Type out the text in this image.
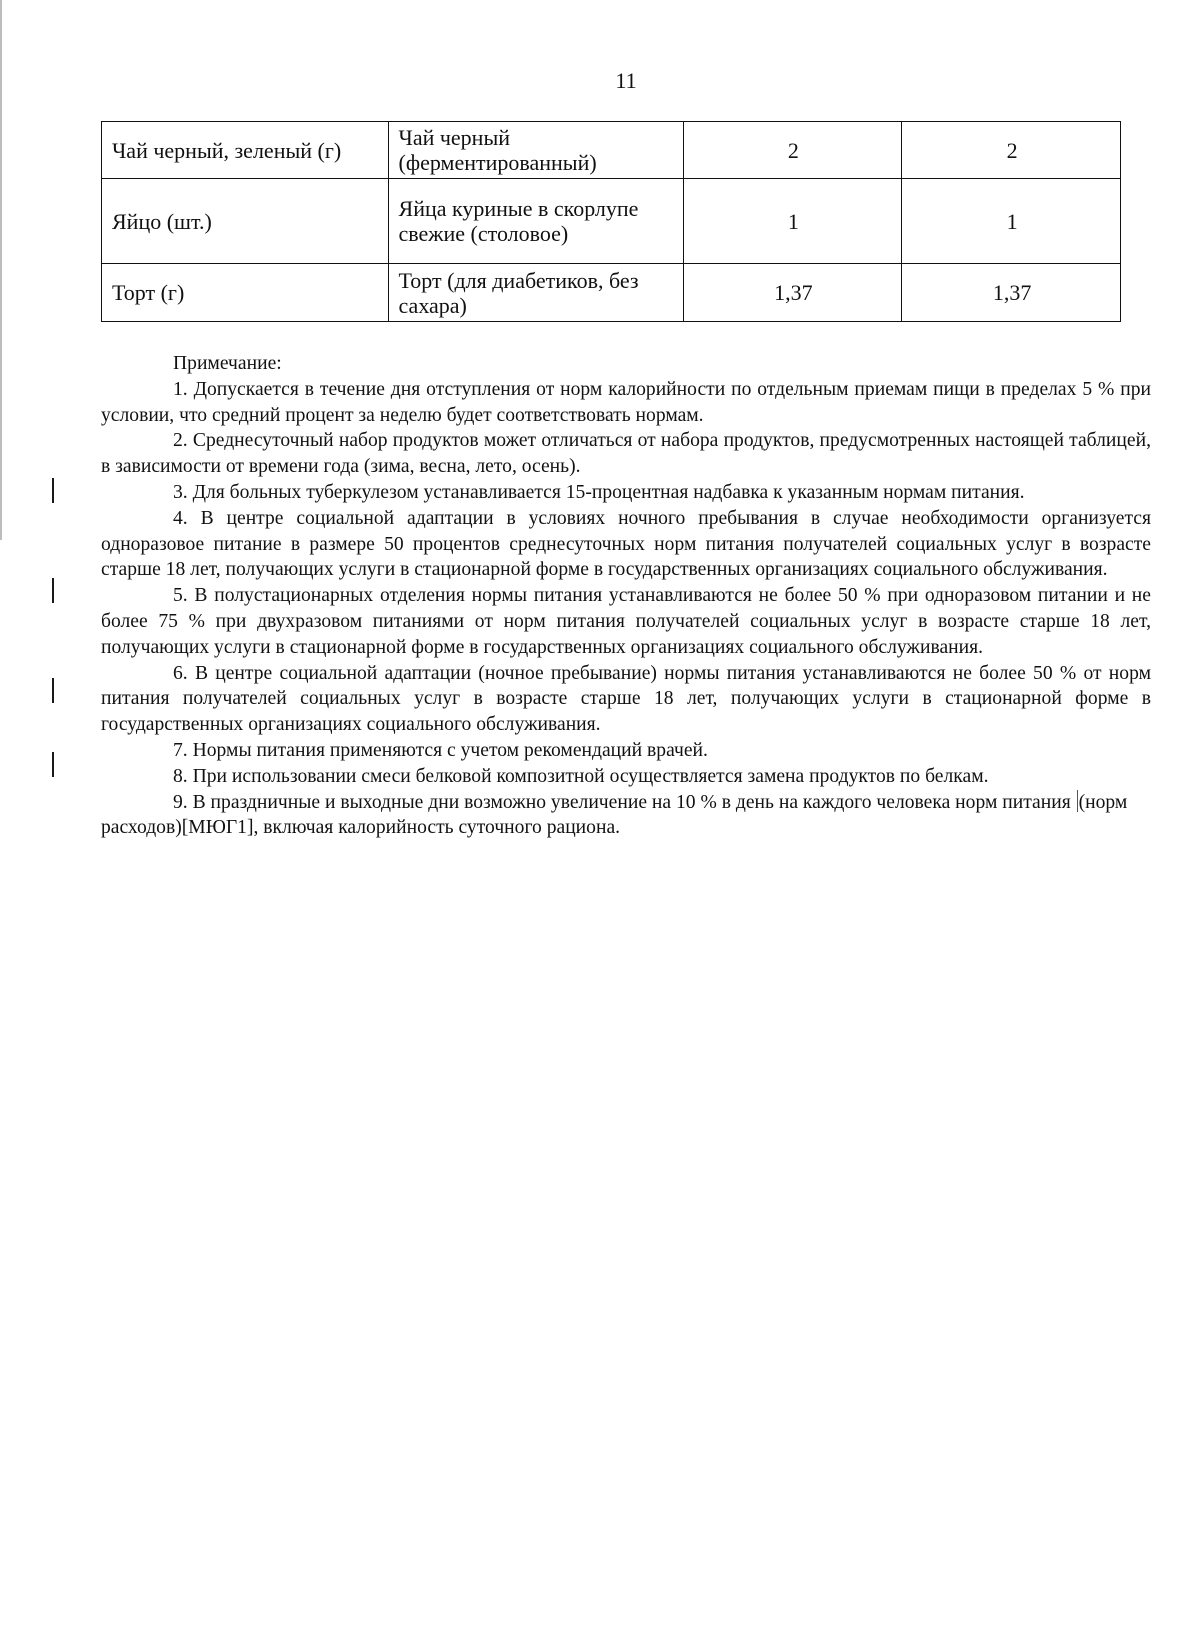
11
Чай черный, зеленый (г)	Чай черный (ферментированный)	2	2
Яйцо (шт.)	Яйца куриные в скорлупе свежие (столовое)	1	1
Торт (г)	Торт (для диабетиков, без сахара)	1,37	1,37
Примечание:

1. Допускается в течение дня отступления от норм калорийности по отдельным приемам пищи в пределах 5 % при условии, что средний процент за неделю будет соответствовать нормам.

2. Среднесуточный набор продуктов может отличаться от набора продуктов, предусмотренных настоящей таблицей, в зависимости от времени года (зима, весна, лето, осень).

3. Для больных туберкулезом устанавливается 15-процентная надбавка к указанным нормам питания.

4. В центре социальной адаптации в условиях ночного пребывания в случае необходимости организуется одноразовое питание в размере 50 процентов среднесуточных норм питания получателей социальных услуг в возрасте старше 18 лет, получающих услуги в стационарной форме в государственных организациях социального обслуживания.

5. В полустационарных отделения нормы питания устанавливаются не более 50 % при одноразовом питании и не более 75 % при двухразовом питаниями от норм питания получателей социальных услуг в возрасте старше 18 лет, получающих услуги в стационарной форме в государственных организациях социального обслуживания.

6. В центре социальной адаптации (ночное пребывание) нормы питания устанавливаются не более 50 % от норм питания получателей социальных услуг в возрасте старше 18 лет, получающих услуги в стационарной форме в государственных организациях социального обслуживания.

7. Нормы питания применяются с учетом рекомендаций врачей.

8. При использовании смеси белковой композитной осуществляется замена продуктов по белкам.

9. В праздничные и выходные дни возможно увеличение на 10 % в день на каждого человека норм питания (норм расходов)[МЮГ1], включая калорийность суточного рациона.
